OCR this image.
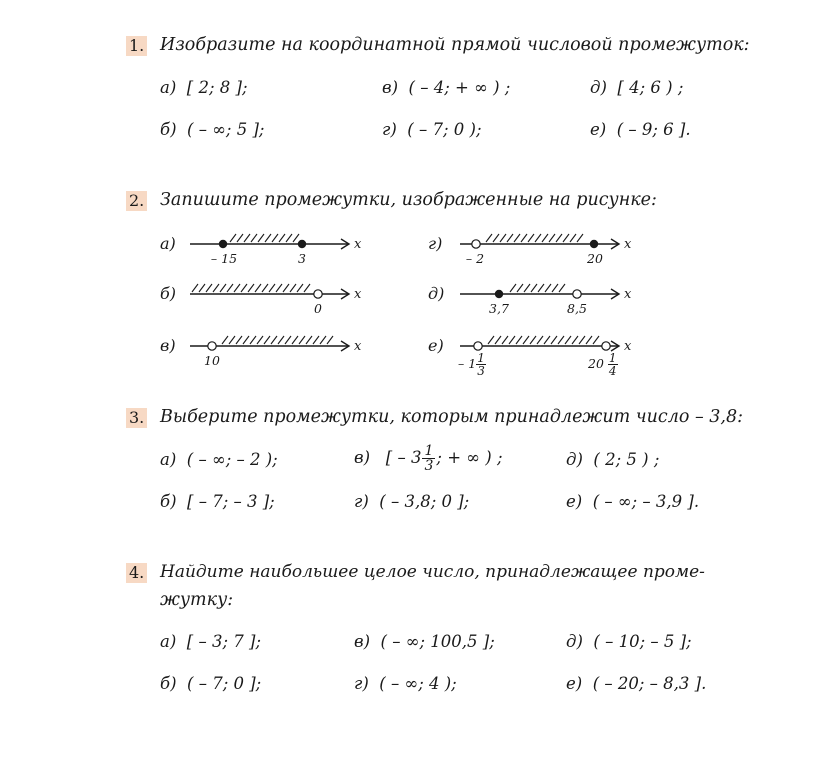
1. Изобразите на координатной прямой числовой промежуток:
а) [ 2; 8 ];	в) ( – 4; + ∞ ) ;	д) [ 4; 6 ) ;
б) ( – ∞; 5 ];	г) ( – 7; 0 );	е) ( – 9; 6 ].
2. Запишите промежутки, изображенные на рисунке:
а)	x
– 15	3
г)	x
– 2	20
б)	x
0
д)	x
3,7	8,5
в)	x
10
е)	x
– $1 \frac{1}{3}$	$20 \frac{1}{4}$
3. Выберите промежутки, которым принадлежит число – 3,8:
а) ( – ∞; – 2 );	в) [ – $3 \frac{1}{3}$ ; + ∞ ) ;	д) ( 2; 5 ) ;
б) [ – 7; – 3 ];	г) ( – 3,8; 0 ];	е) ( – ∞; – 3,9 ].
4. Найдите наибольшее целое число, принадлежащее проме-
жутку:
а) [ – 3; 7 ];	в) ( – ∞; 100,5 ];	д) ( – 10; – 5 ];
б) ( – 7; 0 ];	г) ( – ∞; 4 );	е) ( – 20; – 8,3 ].
